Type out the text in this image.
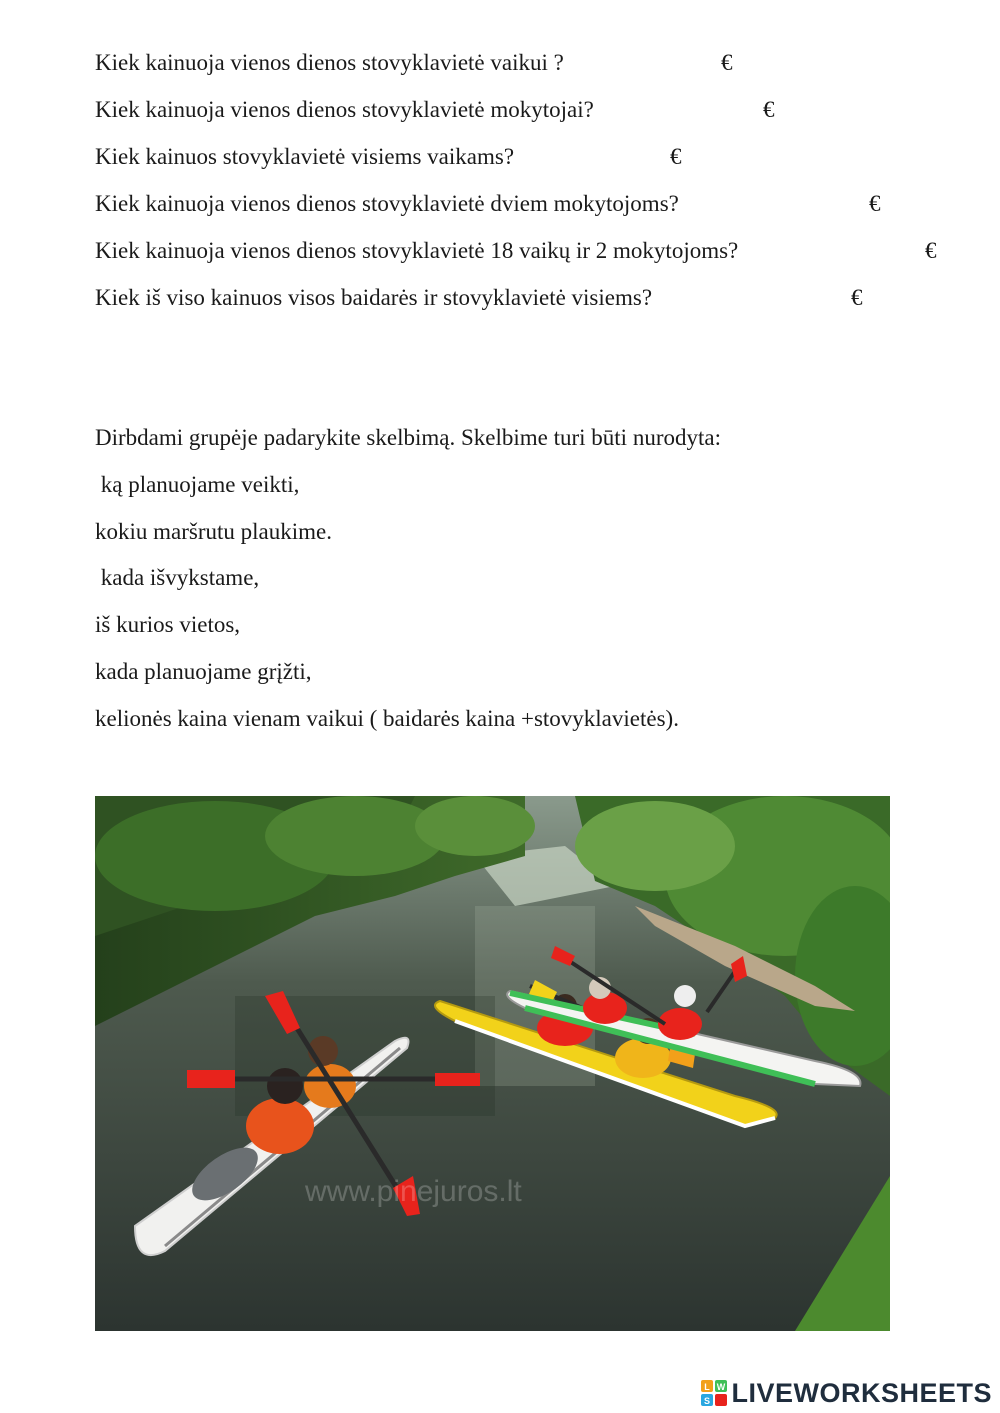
Kiek kainuoja vienos dienos stovyklavietė vaikui ?	€
Kiek kainuoja vienos dienos stovyklavietė mokytojai?	€
Kiek kainuos stovyklavietė visiems vaikams?	€
Kiek kainuoja vienos dienos stovyklavietė dviem mokytojoms?	€
Kiek kainuoja vienos dienos stovyklavietė 18 vaikų ir 2 mokytojoms?	€
Kiek iš viso kainuos visos baidarės ir stovyklavietė visiems?	€
Dirbdami grupėje padarykite skelbimą. Skelbime turi būti nurodyta:
ką planuojame veikti,
kokiu maršrutu plaukime.
kada išvykstame,
iš kurios vietos,
kada planuojame grįžti,
kelionės kaina vienam vaikui ( baidarės kaina +stovyklavietės).
www.pinejuros.lt
L W
S LIVEWORKSHEETS
